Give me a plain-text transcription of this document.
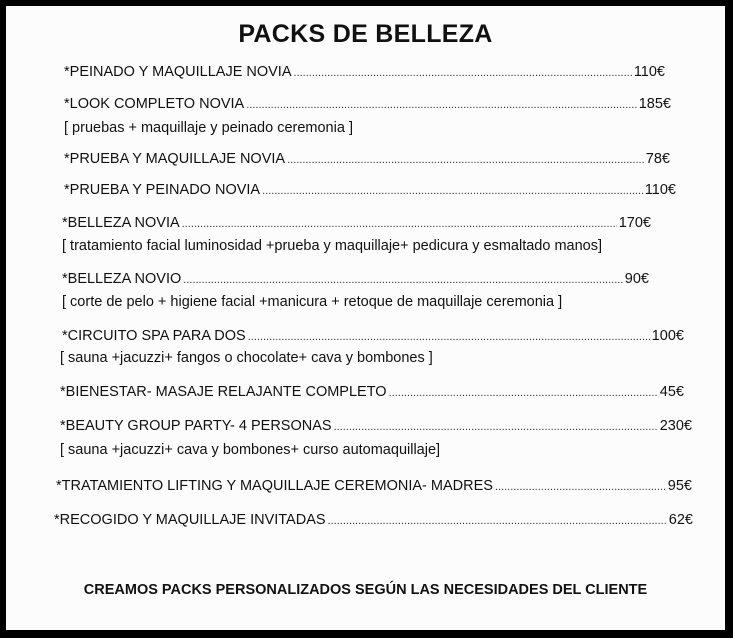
PACKS DE BELLEZA
*PEINADO Y MAQUILLAJE NOVIA .....	110€
*LOOK COMPLETO NOVIA .....	185€
[ pruebas + maquillaje y peinado ceremonia ]
*PRUEBA Y MAQUILLAJE NOVIA .....	78€
*PRUEBA Y PEINADO NOVIA .....	110€
*BELLEZA NOVIA .....	170€
[ tratamiento facial luminosidad +prueba y maquillaje+ pedicura y esmaltado manos]
*BELLEZA NOVIO .....	90€
[ corte de pelo + higiene facial +manicura + retoque de maquillaje ceremonia ]
*CIRCUITO SPA PARA DOS .....	100€
[ sauna +jacuzzi+ fangos o chocolate+ cava y bombones ]
*BIENESTAR- MASAJE RELAJANTE COMPLETO .....	45€
*BEAUTY GROUP PARTY- 4 PERSONAS .....	230€
[ sauna +jacuzzi+ cava y bombones+ curso automaquillaje]
*TRATAMIENTO LIFTING Y MAQUILLAJE CEREMONIA- MADRES .....	95€
*RECOGIDO Y MAQUILLAJE INVITADAS .....	62€
CREAMOS PACKS PERSONALIZADOS SEGÚN LAS NECESIDADES DEL CLIENTE
